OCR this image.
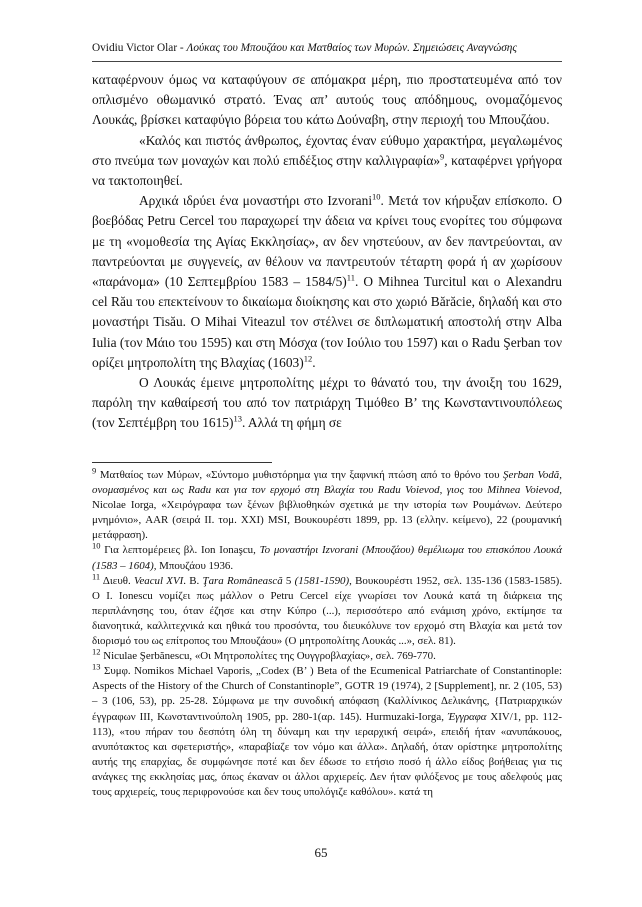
Ovidiu Victor Olar - Λούκας του Μπουζάου και Ματθαίος των Μυρών. Σημειώσεις Αναγνώσης

καταφέρνουν όμως να καταφύγουν σε απόμακρα μέρη, πιο προστατευμένα από τον οπλισμένο οθωμανικό στρατό. Ένας απ’ αυτούς τους απόδημους, ονομαζόμενος Λουκάς, βρίσκει καταφύγιο βόρεια του κάτω Δούναβη, στην περιοχή του Μπουζάου.

«Καλός και πιστός άνθρωπος, έχοντας έναν εύθυμο χαρακτήρα, μεγαλωμένος στο πνεύμα των μοναχών και πολύ επιδέξιος στην καλλιγραφία»$^9$, καταφέρνει γρήγορα να τακτοποιηθεί.

Αρχικά ιδρύει ένα μοναστήρι στο Izvorani$^{10}$. Μετά τον κήρυξαν επίσκοπο. Ο βοεβόδας Petru Cercel του παραχωρεί την άδεια να κρίνει τους ενορίτες του σύμφωνα με τη «νομοθεσία της Αγίας Εκκλησίας», αν δεν νηστεύουν, αν δεν παντρεύονται, αν παντρεύονται με συγγενείς, αν θέλουν να παντρευτούν τέταρτη φορά ή αν χωρίσουν «παράνομα» (10 Σεπτεμβρίου 1583 – 1584/5)$^{11}$. Ο Mihnea Turcitul και ο Alexandru cel Rău του επεκτείνουν το δικαίωμα διοίκησης και στο χωριό Bărăcie, δηλαδή και στο μοναστήρι Tisău. Ο Mihai Viteazul τον στέλνει σε διπλωματική αποστολή στην Alba Iulia (τον Μάιο του 1595) και στη Μόσχα (τον Ιούλιο του 1597) και ο Radu Şerban τον ορίζει μητροπολίτη της Βλαχίας $(1603)^{12}$.

Ο Λουκάς έμεινε μητροπολίτης μέχρι το θάνατό του, την άνοιξη του 1629, παρόλη την καθαίρεσή του από τον πατριάρχη Τιμόθεο Β’ της Κωνσταντινουπόλεως (τον Σεπτέμβρη του 1615)$^{13}$. Αλλά τη φήμη σε

$^9$ Ματθαίος των Μύρων, «Σύντομο μυθιστόρημα για την ξαφνική πτώση από το θρόνο του Şerban Vodă, ονομασμένος και ως Radu και για τον ερχομό στη Βλαχία του Radu Voievod, γιος του Mihnea Voievod, Nicolae Iorga, «Χειρόγραφα των ξένων βιβλιοθηκών σχετικά με την ιστορία των Ρουμάνων. Δεύτερο μνημόνιο», AAR (σειρά II. τομ. XXI) MSI, Βουκουρέστι 1899, pp. 13 (ελλην. κείμενο), 22 (ρουμανική μετάφραση).

$^{10}$ Για λεπτομέρειες βλ. Ion Ionaşcu, Το μοναστήρι Izvorani (Μπουζάου) θεμέλιωμα του επισκόπου Λουκά (1583 – 1604), Μπουζάου 1936.

$^{11}$ Διευθ. Veacul XVI. B. Ţara Românească 5 (1581-1590), Βουκουρέστι 1952, σελ. 135-136 (1583-1585). Ο Ι. Ionescu νομίζει πως μάλλον ο Petru Cercel είχε γνωρίσει τον Λουκά κατά τη διάρκεια της περιπλάνησης του, όταν έζησε και στην Κύπρο (...), περισσότερο από ενάμιση χρόνο, εκτίμησε τα διανοητικά, καλλιτεχνικά και ηθικά του προσόντα, του διευκόλυνε τον ερχομό στη Βλαχία και μετά τον διορισμό του ως επίτροπος του Μπουζάου» (Ο μητροπολίτης Λουκάς ...», σελ. 81).

$^{12}$ Niculae Şerbănescu, «Οι Μητροπολίτες της Ουγγροβλαχίας», σελ. 769-770.

$^{13}$ Συμφ. Nomikos Michael Vaporis, „Codex (Β’ ) Beta of the Ecumenical Patriarchate of Constantinople: Aspects of the History of the Church of Constantinople”, GOTR 19 (1974), 2 [Supplement], nr. 2 (105, 53) – 3 (106, 53), pp. 25-28. Σύμφωνα με την συνοδική απόφαση (Καλλίνικος Δελικάνης, {Πατριαρχικών έγγραφων III, Κωνσταντινούπολη 1905, pp. 280-1(αρ. 145). Hurmuzaki-Iorga, Έγγραφα XIV/1, pp. 112-113), «του πήραν του δεσπότη όλη τη δύναμη και την ιεραρχική σειρά», επειδή ήταν «ανυπάκουος, ανυπότακτος και σφετεριστής», «παραβίαζε τον νόμο και άλλα». Δηλαδή, όταν ορίστηκε μητροπολίτης αυτής της επαρχίας, δε συμφώνησε ποτέ και δεν έδωσε το ετήσιο ποσό ή άλλο είδος βοήθειας για τις ανάγκες της εκκλησίας μας, όπως έκαναν οι άλλοι αρχιερείς. Δεν ήταν φιλόξενος με τους αδελφούς μας τους αρχιερείς, τους περιφρονούσε και δεν τους υπολόγιζε καθόλου». κατά τη

65
